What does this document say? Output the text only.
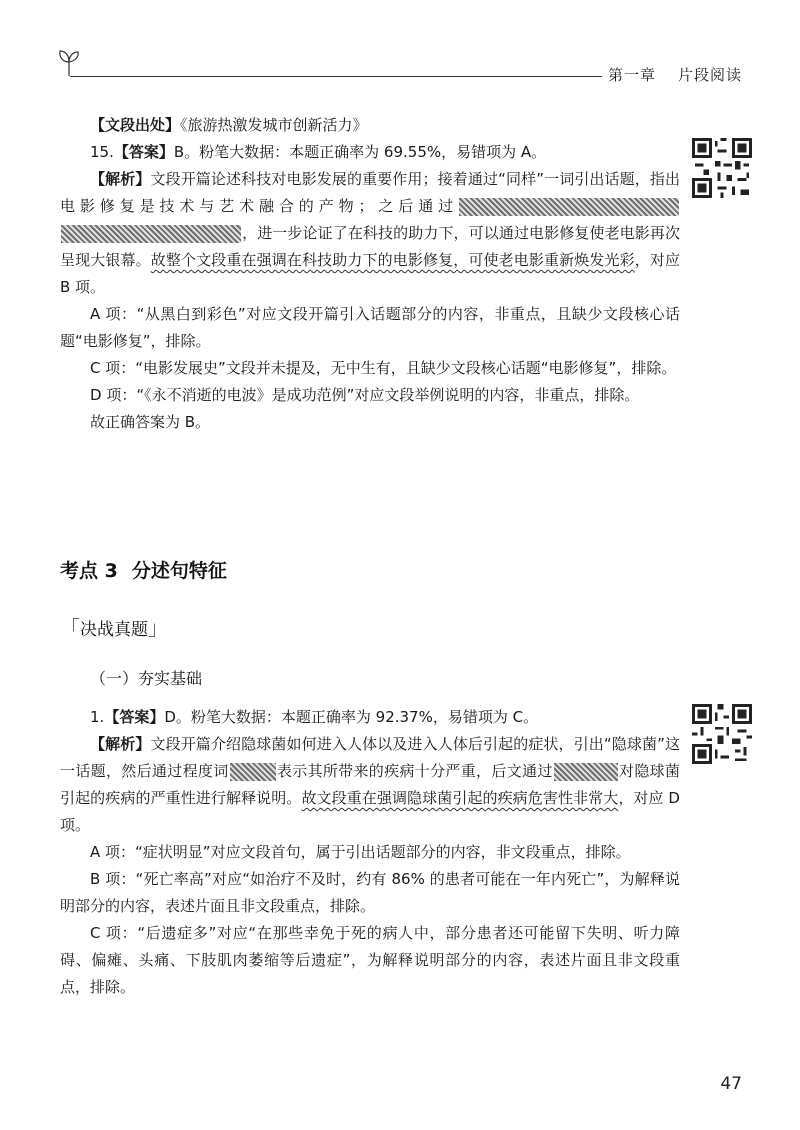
第一章 片段阅读

【文段出处】《旅游热激发城市创新活力》

15.【答案】B。粉笔大数据：本题正确率为 69.55%，易错项为 A。

【解析】文段开篇论述科技对电影发展的重要作用；接着通过“同样”一词引出话题，指出电影修复是技术与艺术融合的产物；之后通过，进一步论证了在科技的助力下，可以通过电影修复使老电影再次呈现大银幕。故整个文段重在强调在科技助力下的电影修复，可使老电影重新焕发光彩，对应 B 项。

A 项：“从黑白到彩色”对应文段开篇引入话题部分的内容，非重点，且缺少文段核心话题“电影修复”，排除。

C 项：“电影发展史”文段并未提及，无中生有，且缺少文段核心话题“电影修复”，排除。

D 项：“《永不消逝的电波》是成功范例”对应文段举例说明的内容，非重点，排除。

故正确答案为 B。

考点 3 分述句特征
「决战真题」
（一）夯实基础

1.【答案】D。粉笔大数据：本题正确率为 92.37%，易错项为 C。

【解析】文段开篇介绍隐球菌如何进入人体以及进入人体后引起的症状，引出“隐球菌”这一话题，然后通过程度词	表示其所带来的疾病十分严重，后文通过	对隐球菌引起的疾病的严重性进行解释说明。故文段重在强调隐球菌引起的疾病危害性非常大，对应 D 项。

A 项：“症状明显”对应文段首句，属于引出话题部分的内容，非文段重点，排除。

B 项：“死亡率高”对应“如治疗不及时，约有 86% 的患者可能在一年内死亡”，为解释说明部分的内容，表述片面且非文段重点，排除。

C 项：“后遗症多”对应“在那些幸免于死的病人中，部分患者还可能留下失明、听力障碍、偏瘫、头痛、下肢肌肉萎缩等后遗症”，为解释说明部分的内容，表述片面且非文段重点，排除。

47
